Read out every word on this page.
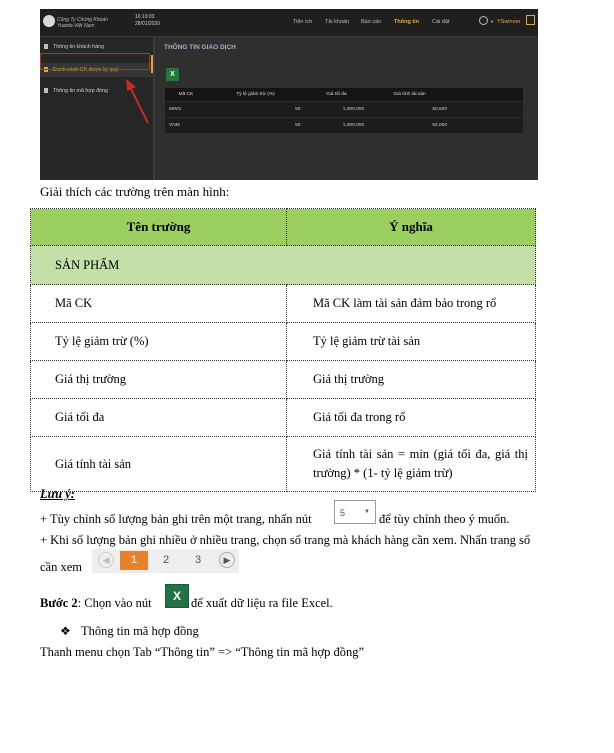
Công Ty Chứng Khoán Yuanta Việt Nam
16:19:03
28/01/2020	Tiện ích Tài khoản Báo cáo Thông tin Cài đặt	▼ YSwinner
Thông tin khách hàng
Danh sách CK được ký quỹ
Thông tin mã hợp đồng
THÔNG TIN GIAO DỊCH
X
Mã CK	Tỷ lệ giảm trừ (%)	Giá tối đa	Giá tính tài sản	
MWG	50	1,000,000	50,500	
VNM	50	1,000,000	62,000	
Giải thích các trường trên màn hình:
Tên trường	Ý nghĩa
SẢN PHẨM	
Mã CK	Mã CK làm tài sản đảm bảo trong rổ
Tỷ lệ giảm trừ (%)	Tỷ lệ giảm trừ tài sản
Giá thị trường	Giá thị trường
Giá tối đa	Giá tối đa trong rổ
Giá tính tài sản	Giá tính tài sản = min (giá tối đa, giá thị trường) * (1- tỷ lệ giảm trừ)
Lưu ý:
+ Tùy chỉnh số lượng bản ghi trên một trang, nhấn nút	5	▼ để tùy chỉnh theo ý muốn.
+ Khi số lượng bản ghi nhiều ở nhiều trang, chọn số trang mà khách hàng cần xem. Nhấn trang số
cần xem	◀	1	2 3	▶
Bước 2: Chọn vào nút	X để xuất dữ liệu ra file Excel.
❖ Thông tin mã hợp đồng
Thanh menu chọn Tab “Thông tin” => “Thông tin mã hợp đồng”
